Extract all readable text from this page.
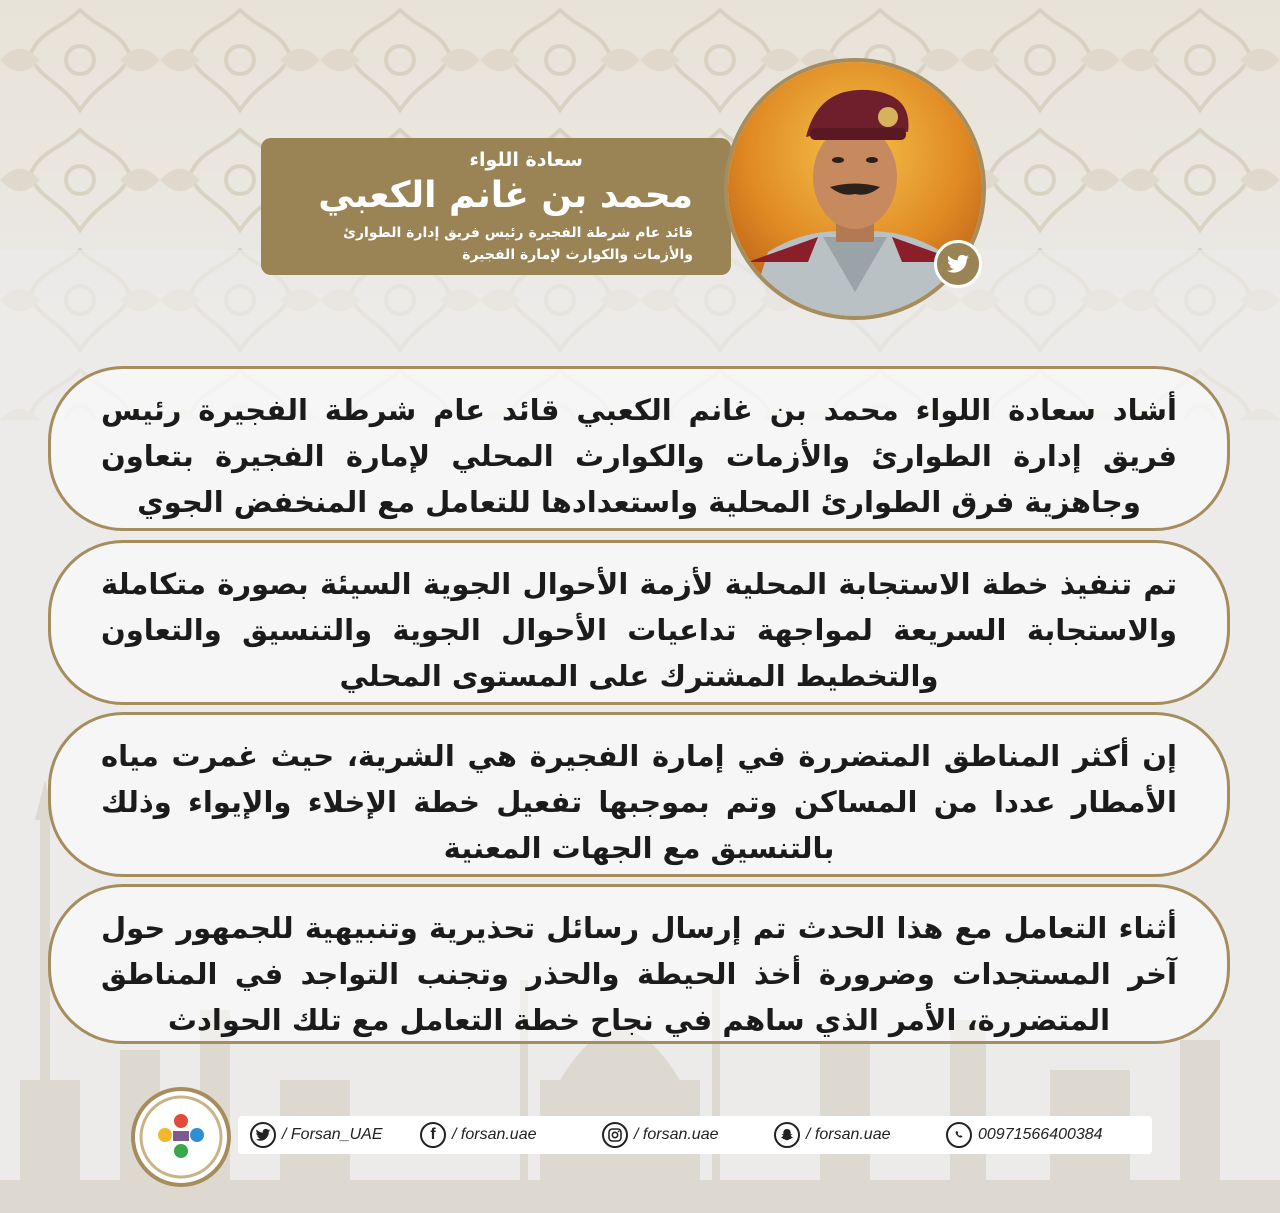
سعادة اللواء
محمد بن غانم الكعبي
قائد عام شرطة الفجيرة رئيس فريق إدارة الطوارئ
والأزمات والكوارث لإمارة الفجيرة
أشاد سعادة اللواء محمد بن غانم الكعبي قائد عام شرطة الفجيرة رئيس فريق إدارة الطوارئ والأزمات والكوارث المحلي لإمارة الفجيرة بتعاون وجاهزية فرق الطوارئ المحلية واستعدادها للتعامل مع المنخفض الجوي
تم تنفيذ خطة الاستجابة المحلية لأزمة الأحوال الجوية السيئة بصورة متكاملة والاستجابة السريعة لمواجهة تداعيات الأحوال الجوية والتنسيق والتعاون والتخطيط المشترك على المستوى المحلي
إن أكثر المناطق المتضررة في إمارة الفجيرة هي الشرية، حيث غمرت مياه الأمطار عددا من المساكن وتم بموجبها تفعيل خطة الإخلاء والإيواء وذلك بالتنسيق مع الجهات المعنية
أثناء التعامل مع هذا الحدث تم إرسال رسائل تحذيرية وتنبيهية للجمهور حول آخر المستجدات وضرورة أخذ الحيطة والحذر وتجنب التواجد في المناطق المتضررة، الأمر الذي ساهم في نجاح خطة التعامل مع تلك الحوادث
/ Forsan_UAE	f / forsan.uae	/ forsan.uae	/ forsan.uae	00971566400384
